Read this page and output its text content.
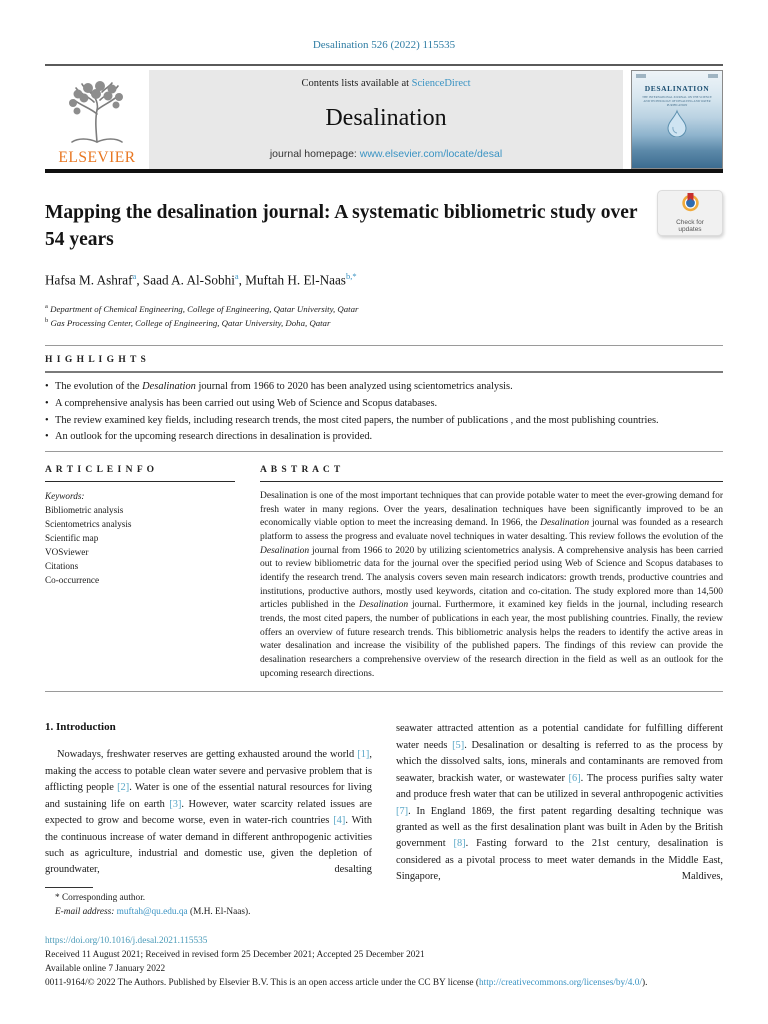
Desalination 526 (2022) 115535
ELSEVIER
Contents lists available at ScienceDirect
Desalination
journal homepage: www.elsevier.com/locate/desal
DESALINATION
THE INTERNATIONAL JOURNAL ON THE SCIENCE AND TECHNOLOGY OF DESALTING AND WATER PURIFICATION
Mapping the desalination journal: A systematic bibliometric study over 54 years
Hafsa M. Ashraf$^a$, Saad A. Al-Sobhi$^a$, Muftah H. El-Naas$^{b,*}$
$^a$ Department of Chemical Engineering, College of Engineering, Qatar University, Qatar
$^b$ Gas Processing Center, College of Engineering, Qatar University, Doha, Qatar
H I G H L I G H T S
• The evolution of the Desalination journal from 1966 to 2020 has been analyzed using scientometrics analysis.
• A comprehensive analysis has been carried out using Web of Science and Scopus databases.
• The review examined key fields, including research trends, the most cited papers, the number of publications , and the most publishing countries.
• An outlook for the upcoming research directions in desalination is provided.
A R T I C L E I N F O
Keywords:
Bibliometric analysis
Scientometrics analysis
Scientific map
VOSviewer
Citations
Co-occurrence
A B S T R A C T
Desalination is one of the most important techniques that can provide potable water to meet the ever-growing demand for fresh water in many regions. Over the years, desalination techniques have been significantly improved to be an economically viable option to meet the increasing demand. In 1966, the Desalination journal was founded as a research platform to assess the progress and evaluate novel techniques in water desalting. This review follows the evolution of the Desalination journal from 1966 to 2020 by utilizing scientometrics analysis. A comprehensive analysis has been carried out to review bibliometric data for the journal over the specified period using Web of Science and Scopus databases to identify the research trend. The analysis covers seven main research indicators: growth trends, productive countries and institutions, productive authors, mostly used keywords, citation and co-citation. The study explored more than 14,500 articles published in the Desalination journal. Furthermore, it examined key fields in the journal, including research trends, the most cited papers, the number of publications in each year, the most publishing countries. Finally, the review offers an overview of future research trends. This bibliometric analysis helps the readers to identify the active areas in water desalination and increase the visibility of the published papers. The findings of this review can provide the desalination researchers a comprehensive overview of the research direction in the field as well as an outlook for the upcoming research directions.
1. Introduction

Nowadays, freshwater reserves are getting exhausted around the world [1], making the access to potable clean water severe and pervasive problem that is afflicting people [2]. Water is one of the essential natural resources for living and sustaining life on earth [3]. However, water scarcity related issues are expected to grow and become worse, even in water-rich countries [4]. With the continuous increase of water demand in different anthropogenic activities such as agriculture, industrial and domestic use, given the depletion of groundwater, desalting

* Corresponding author.
E-mail address: muftah@qu.edu.qa (M.H. El-Naas).

seawater attracted attention as a potential candidate for fulfilling different water needs [5]. Desalination or desalting is referred to as the process by which the dissolved salts, ions, minerals and contaminants are removed from seawater, brackish water, or wastewater [6]. The process purifies salty water and produce fresh water that can be utilized in several anthropogenic activities [7]. In England 1869, the first patent regarding desalting technique was granted as well as the first desalination plant was built in Aden by the British government [8]. Fasting forward to the 21st century, desalination is considered as a pivotal process to meet water demands in the Middle East, Singapore, Maldives,

https://doi.org/10.1016/j.desal.2021.115535
Received 11 August 2021; Received in revised form 25 December 2021; Accepted 25 December 2021
Available online 7 January 2022
0011-9164/© 2022 The Authors. Published by Elsevier B.V. This is an open access article under the CC BY license (http://creativecommons.org/licenses/by/4.0/).
Check for updates
